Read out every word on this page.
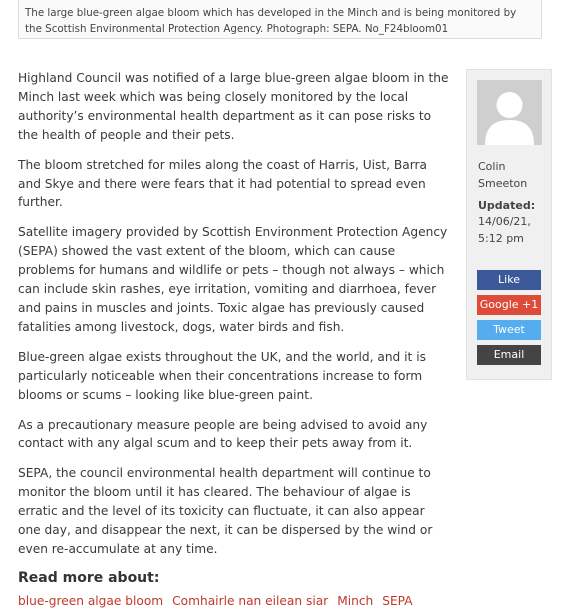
The large blue-green algae bloom which has developed in the Minch and is being monitored by the Scottish Environmental Protection Agency. Photograph: SEPA. No_F24bloom01

Highland Council was notified of a large blue-green algae bloom in the Minch last week which was being closely monitored by the local authority’s environmental health department as it can pose risks to the health of people and their pets.

The bloom stretched for miles along the coast of Harris, Uist, Barra and Skye and there were fears that it had potential to spread even further.

Satellite imagery provided by Scottish Environment Protection Agency (SEPA) showed the vast extent of the bloom, which can cause problems for humans and wildlife or pets – though not always – which can include skin rashes, eye irritation, vomiting and diarrhoea, fever and pains in muscles and joints. Toxic algae has previously caused fatalities among livestock, dogs, water birds and fish.

Blue-green algae exists throughout the UK, and the world, and it is particularly noticeable when their concentrations increase to form blooms or scums – looking like blue-green paint.

As a precautionary measure people are being advised to avoid any contact with any algal scum and to keep their pets away from it.

SEPA, the council environmental health department will continue to monitor the bloom until it has cleared. The behaviour of algae is erratic and the level of its toxicity can fluctuate, it can also appear one day, and disappear the next, it can be dispersed by the wind or even re-accumulate at any time.

Read more about:
blue-green algae bloom Comhairle nan eilean siar Minch SEPA
Colin Smeeton
Updated:
14/06/21, 5:12 pm
Like
Google +1
Tweet
Email
